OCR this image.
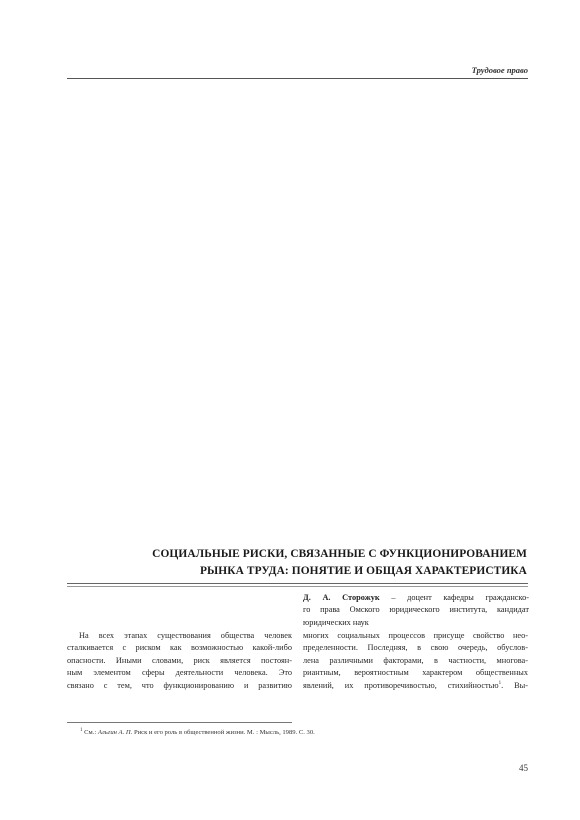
Трудовое право
СОЦИАЛЬНЫЕ РИСКИ, СВЯЗАННЫЕ С ФУНКЦИОНИРОВАНИЕМ
РЫНКА ТРУДА: ПОНЯТИЕ И ОБЩАЯ ХАРАКТЕРИСТИКА
Д. А. Сторожук – доцент кафедры гражданско-
го права Омского юридического института, кандидат
юридических наук
На всех этапах существования общества человек
сталкивается с риском как возможностью какой-либо
опасности. Иными словами, риск является постоян-
ным элементом сферы деятельности человека. Это
связано с тем, что функционированию и развитию
многих социальных процессов присуще свойство нео-
пределенности. Последняя, в свою очередь, обуслов-
лена различными факторами, в частности, многова-
риантным, вероятностным характером общественных
явлений, их противоречивостью, стихийностью$^1$. Вы-
$^1$ См.: Альгин А. П. Риск и его роль в общественной жизни. М. : Мысль, 1989. С. 30.
45
